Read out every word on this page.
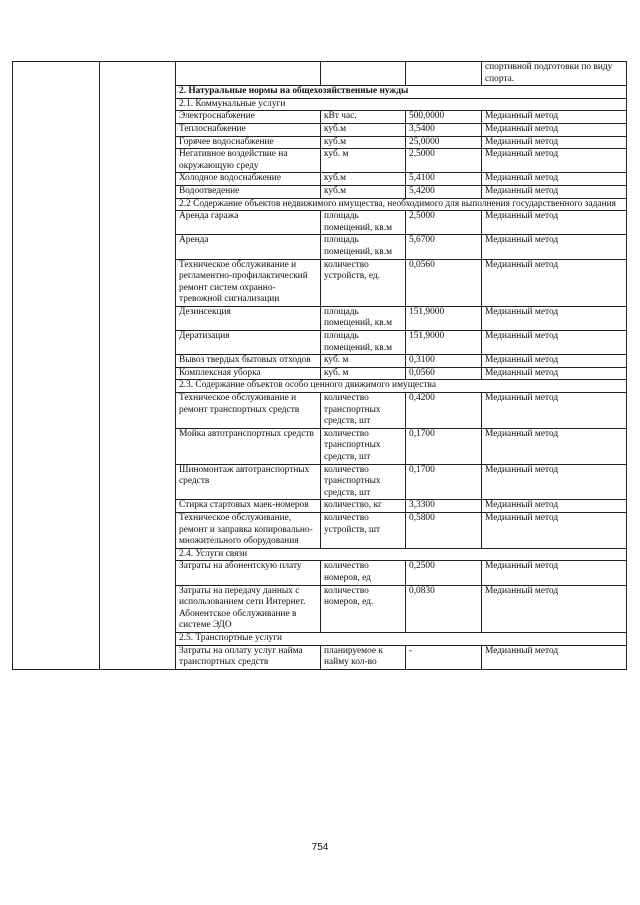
					спортивной подготовки по виду спорта.
		2. Натуральные нормы на общехозяйственные нужды			
		2.1. Коммунальные услуги			
		Электроснабжение	кВт час.	500,0000	Медианный метод
		Теплоснабжение	куб.м	3,5400	Медианный метод
		Горячее водоснабжение	куб.м	25,0000	Медианный метод
		Негативное воздействие на окружающую среду	куб. м	2,5000	Медианный метод
		Холодное водоснабжение	куб.м	5,4100	Медианный метод
		Водоотведение	куб.м	5,4200	Медианный метод
		2.2 Содержание объектов недвижимого имущества, необходимого для выполнения государственного задания			
		Аренда гаража	площадь помещений, кв.м	2,5000	Медианный метод
		Аренда	площадь помещений, кв.м	5,6700	Медианный метод
		Техническое обслуживание и регламентно-профилактический ремонт систем охранно-тревожной сигнализации	количество устройств, ед.	0,0560	Медианный метод
		Дезинсекция	площадь помещений, кв.м	151,9000	Медианный метод
		Дератизация	площадь помещений, кв.м	151,9000	Медианный метод
		Вывоз твердых бытовых отходов	куб. м	0,3100	Медианный метод
		Комплексная уборка	куб. м	0,0560	Медианный метод
		2.3. Содержание объектов особо ценного движимого имущества			
		Техническое обслуживание и ремонт транспортных средств	количество транспортных средств, шт	0,4200	Медианный метод
		Мойка автотранспортных средств	количество транспортных средств, шт	0,1700	Медианный метод
		Шиномонтаж автотранспортных средств	количество транспортных средств, шт	0,1700	Медианный метод
		Стирка стартовых маек-номеров	количество, кг	3,3300	Медианный метод
		Техническое обслуживание, ремонт и заправка копировально-множительного оборудования	количество устройств, шт	0,5800	Медианный метод
		2.4. Услуги связи			
		Затраты на абонентскую плату	количество номеров, ед	0,2500	Медианный метод
		Затраты на передачу данных с использованием сети Интернет. Абонентское обслуживание в системе ЭДО	количество номеров, ед.	0,0830	Медианный метод
		2.5. Транспортные услуги			
		Затраты на оплату услуг найма транспортных средств	планируемое к найму кол-во	-	Медианный метод
754
